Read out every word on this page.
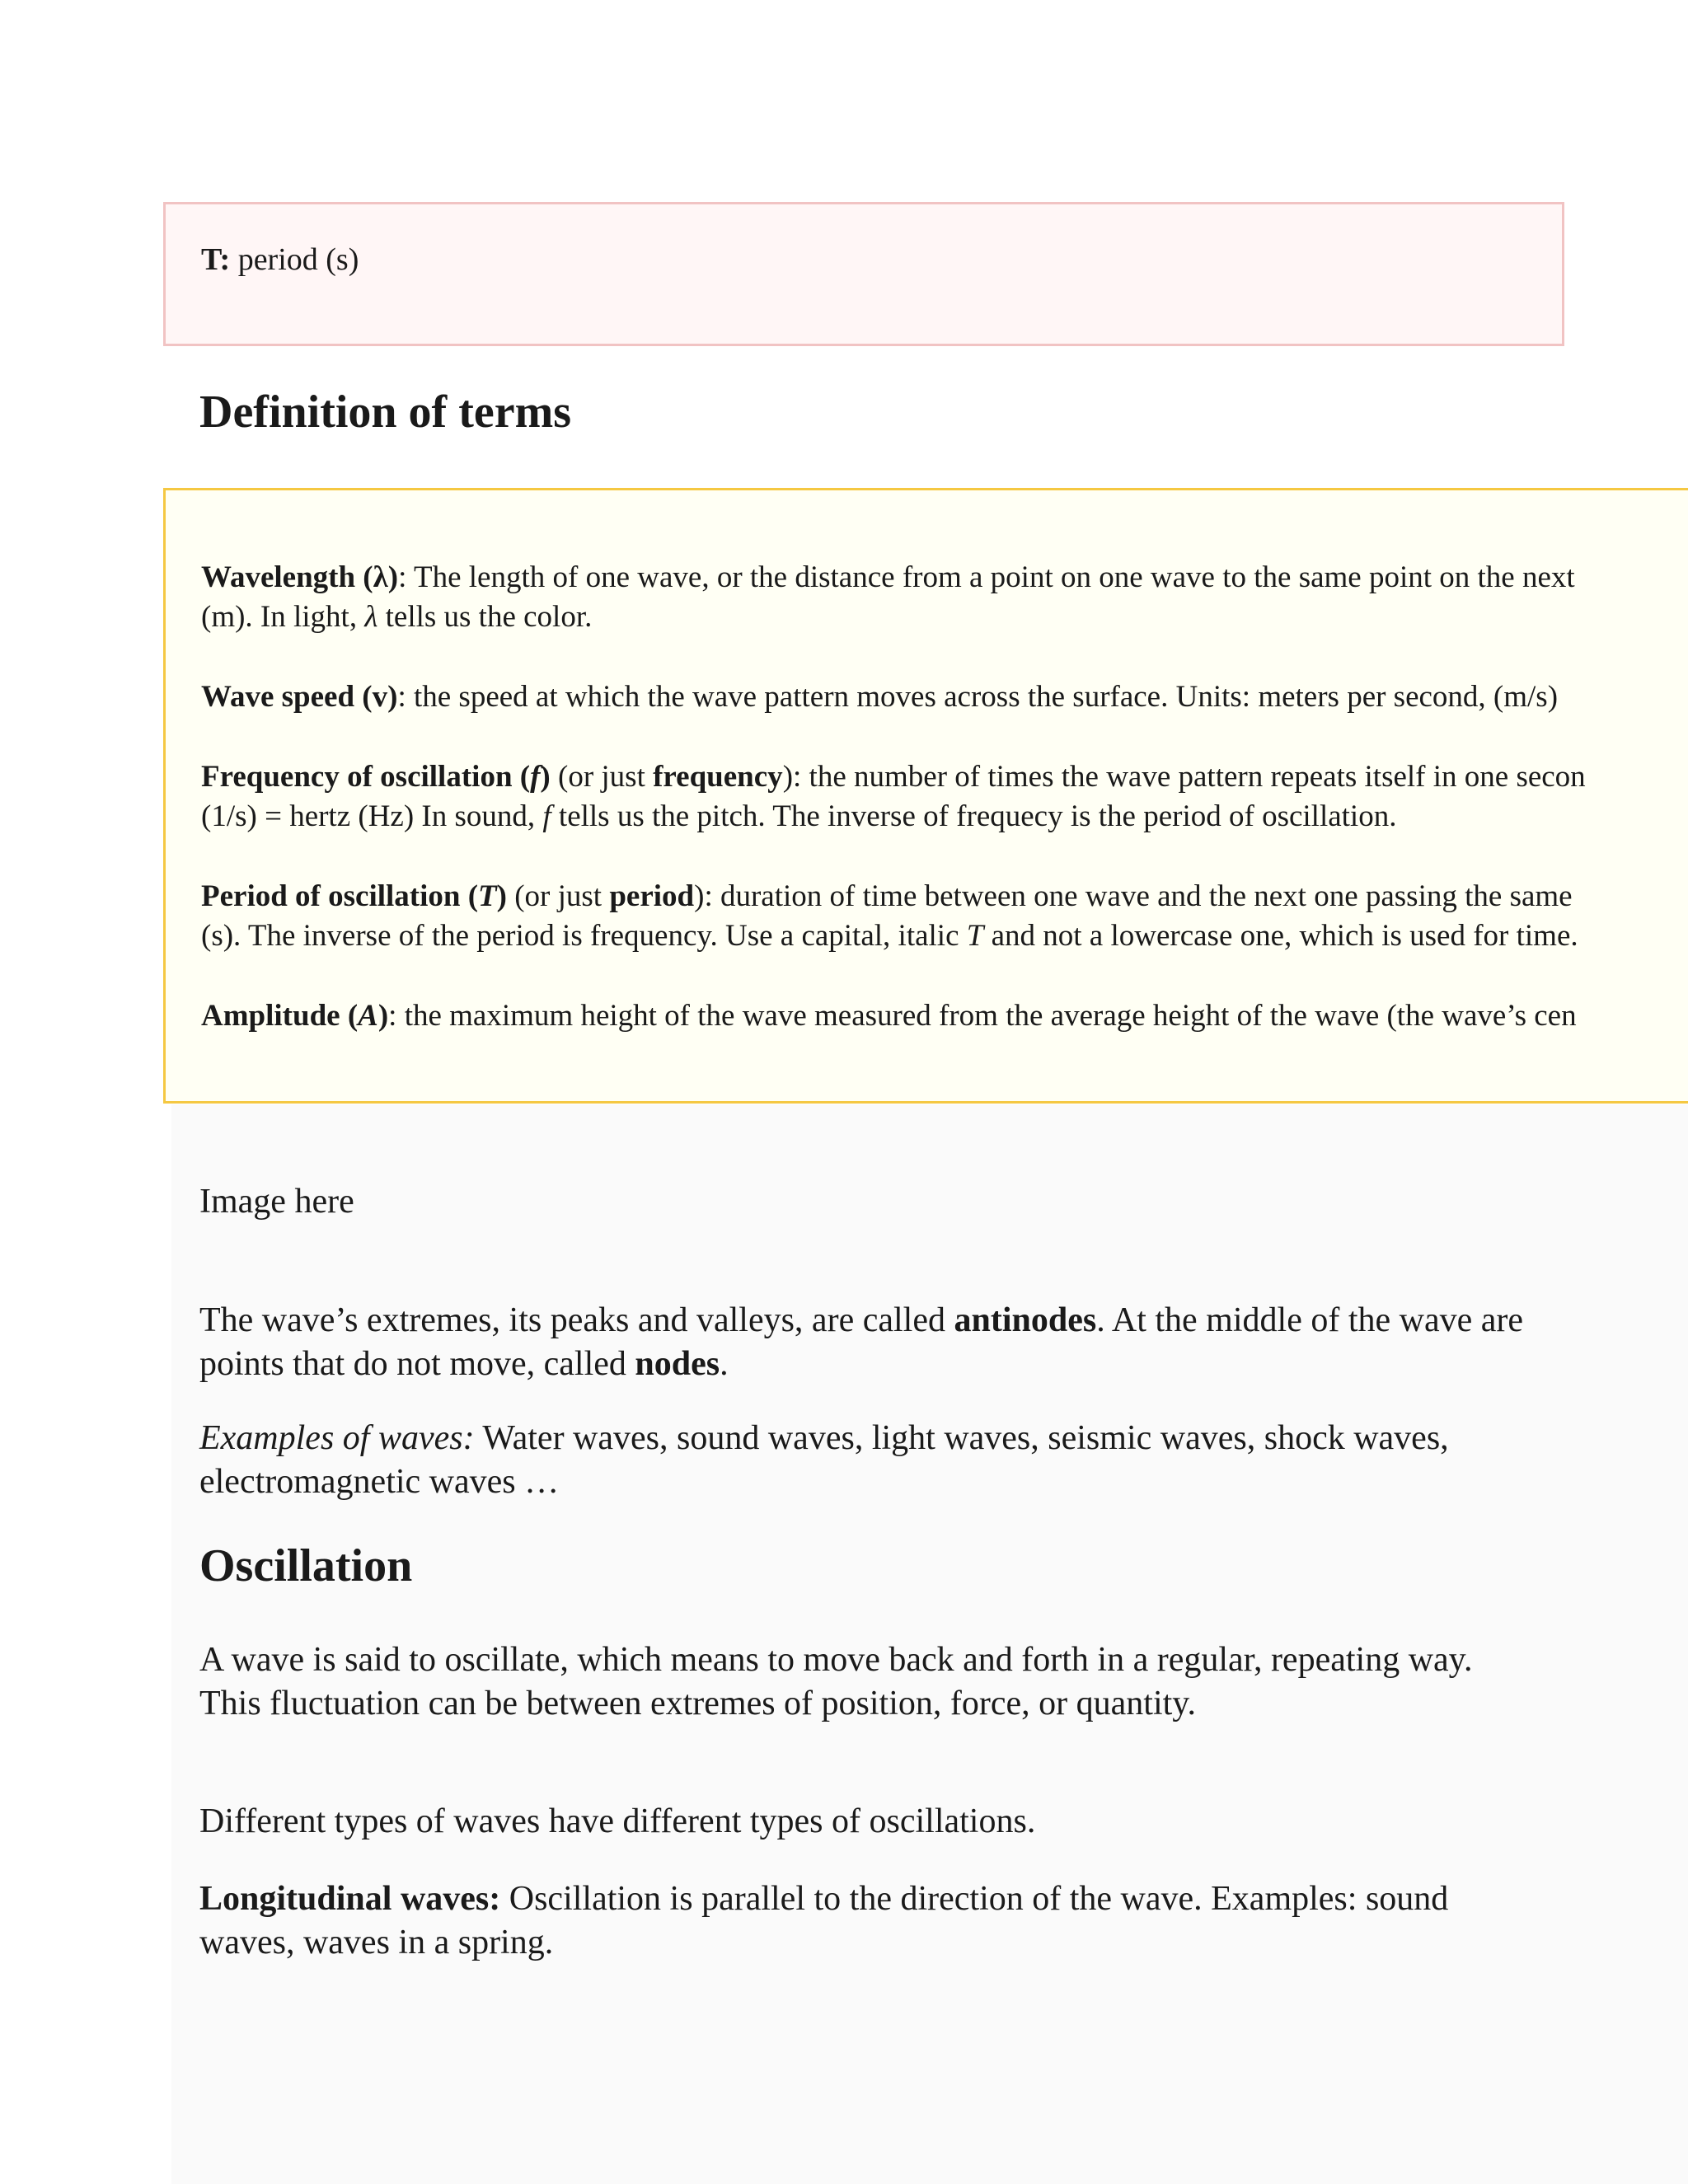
T: period (s)
Definition of terms
Wavelength (λ): The length of one wave, or the distance from a point on one wave to the same point on the next
(m). In light, λ tells us the color.
Wave speed (v): the speed at which the wave pattern moves across the surface. Units: meters per second, (m/s)
Frequency of oscillation (f) (or just frequency): the number of times the wave pattern repeats itself in one secon
(1/s) = hertz (Hz) In sound, f tells us the pitch. The inverse of frequecy is the period of oscillation.
Period of oscillation (T) (or just period): duration of time between one wave and the next one passing the same
(s). The inverse of the period is frequency. Use a capital, italic T and not a lowercase one, which is used for time.
Amplitude (A): the maximum height of the wave measured from the average height of the wave (the wave’s cen

Image here

The wave’s extremes, its peaks and valleys, are called antinodes. At the middle of the wave are points that do not move, called nodes.

Examples of waves: Water waves, sound waves, light waves, seismic waves, shock waves, electromagnetic waves …

Oscillation

A wave is said to oscillate, which means to move back and forth in a regular, repeating way. This fluctuation can be between extremes of position, force, or quantity.

Different types of waves have different types of oscillations.

Longitudinal waves: Oscillation is parallel to the direction of the wave. Examples: sound waves, waves in a spring.
